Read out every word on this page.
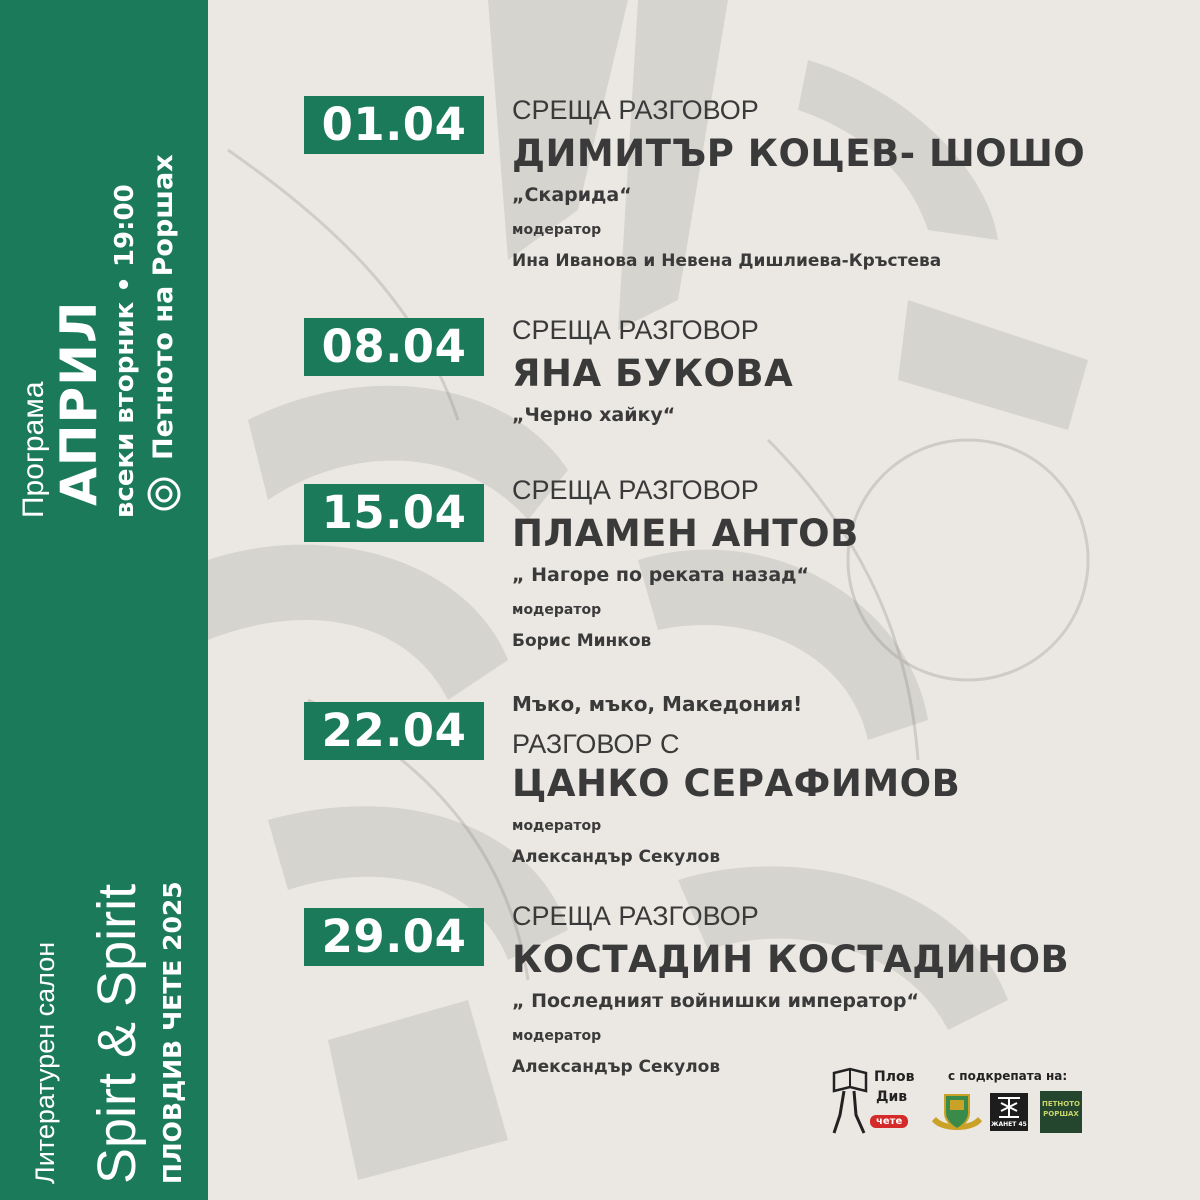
Програма АПРИЛ всеки вторник • 19:00 Петното на Роршах
Литературен салон Spirt & Spirit ПЛОВДИВ ЧЕТЕ 2025
01.04	СРЕЩА РАЗГОВОР
ДИМИТЪР КОЦЕВ- ШОШО
„Скарида“
модератор
Ина Иванова и Невена Дишлиева-Кръстева
08.04	СРЕЩА РАЗГОВОР
ЯНА БУКОВА
„Черно хайку“
15.04	СРЕЩА РАЗГОВОР
ПЛАМЕН АНТОВ
„ Нагоре по реката назад“
модератор
Борис Минков
22.04	Мъко, мъко, Македония!
РАЗГОВОР С
ЦАНКО СЕРАФИМОВ
модератор
Александър Секулов
29.04	СРЕЩА РАЗГОВОР
КОСТАДИН КОСТАДИНОВ
„ Последният войнишки император“
модератор
Александър Секулов	Плов
Див
чете
с подкрепата на:
ЖАНЕТ 45
ПЕТНОТО
РОРШАХ
